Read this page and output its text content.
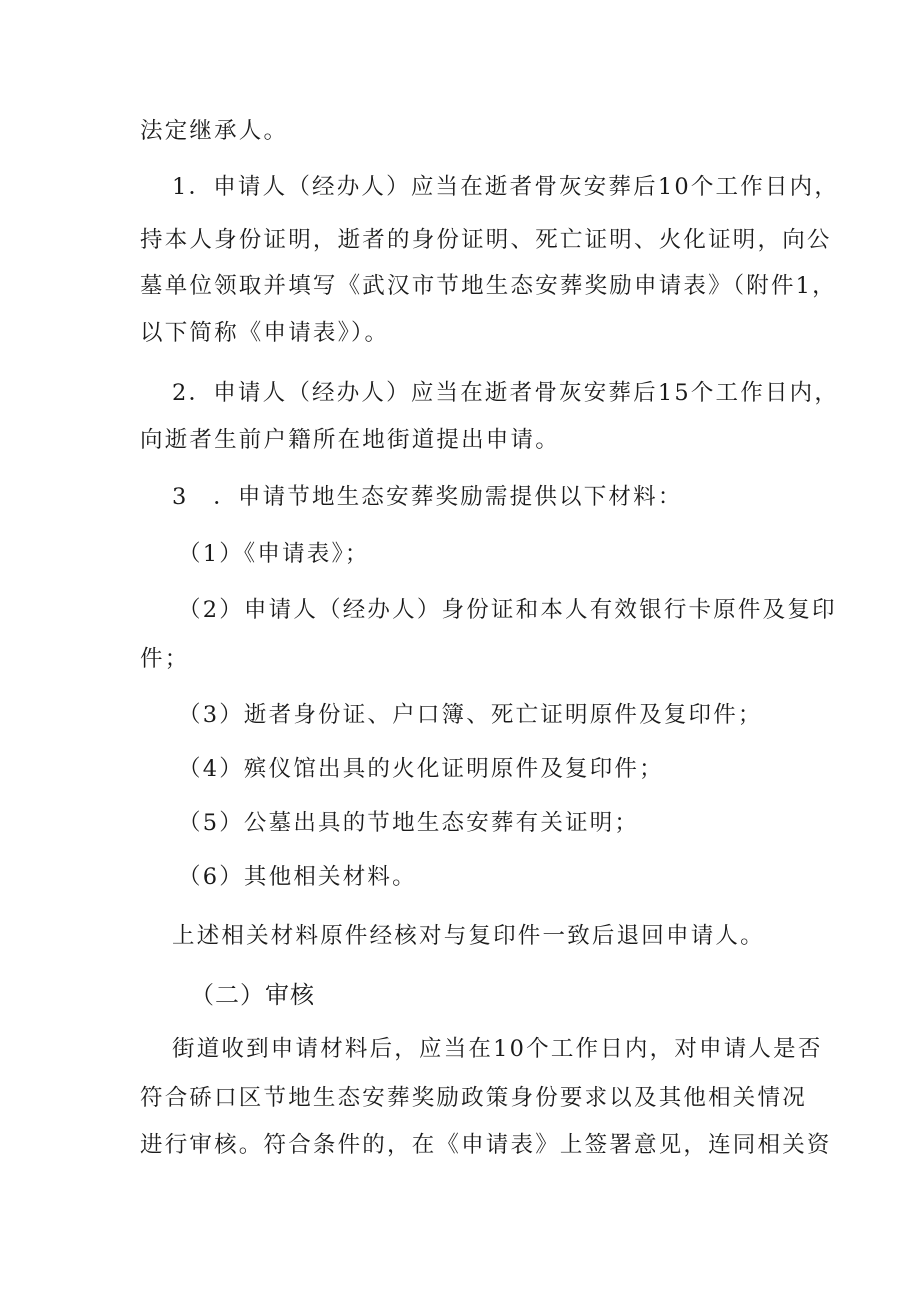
法定继承人。
1．申请人（经办人）应当在逝者骨灰安葬后10个工作日内，
持本人身份证明，逝者的身份证明、死亡证明、火化证明，向公
墓单位领取并填写《武汉市节地生态安葬奖励申请表》（附件1，
以下简称《申请表》）。
2．申请人（经办人）应当在逝者骨灰安葬后15个工作日内，
向逝者生前户籍所在地街道提出申请。
3　．申请节地生态安葬奖励需提供以下材料：
（1）《申请表》；
（2）申请人（经办人）身份证和本人有效银行卡原件及复印
件；
（3）逝者身份证、户口簿、死亡证明原件及复印件；
（4）殡仪馆出具的火化证明原件及复印件；
（5）公墓出具的节地生态安葬有关证明；
（6）其他相关材料。
上述相关材料原件经核对与复印件一致后退回申请人。
（二）审核
街道收到申请材料后，应当在10个工作日内，对申请人是否
符合硚口区节地生态安葬奖励政策身份要求以及其他相关情况
进行审核。符合条件的，在《申请表》上签署意见，连同相关资
